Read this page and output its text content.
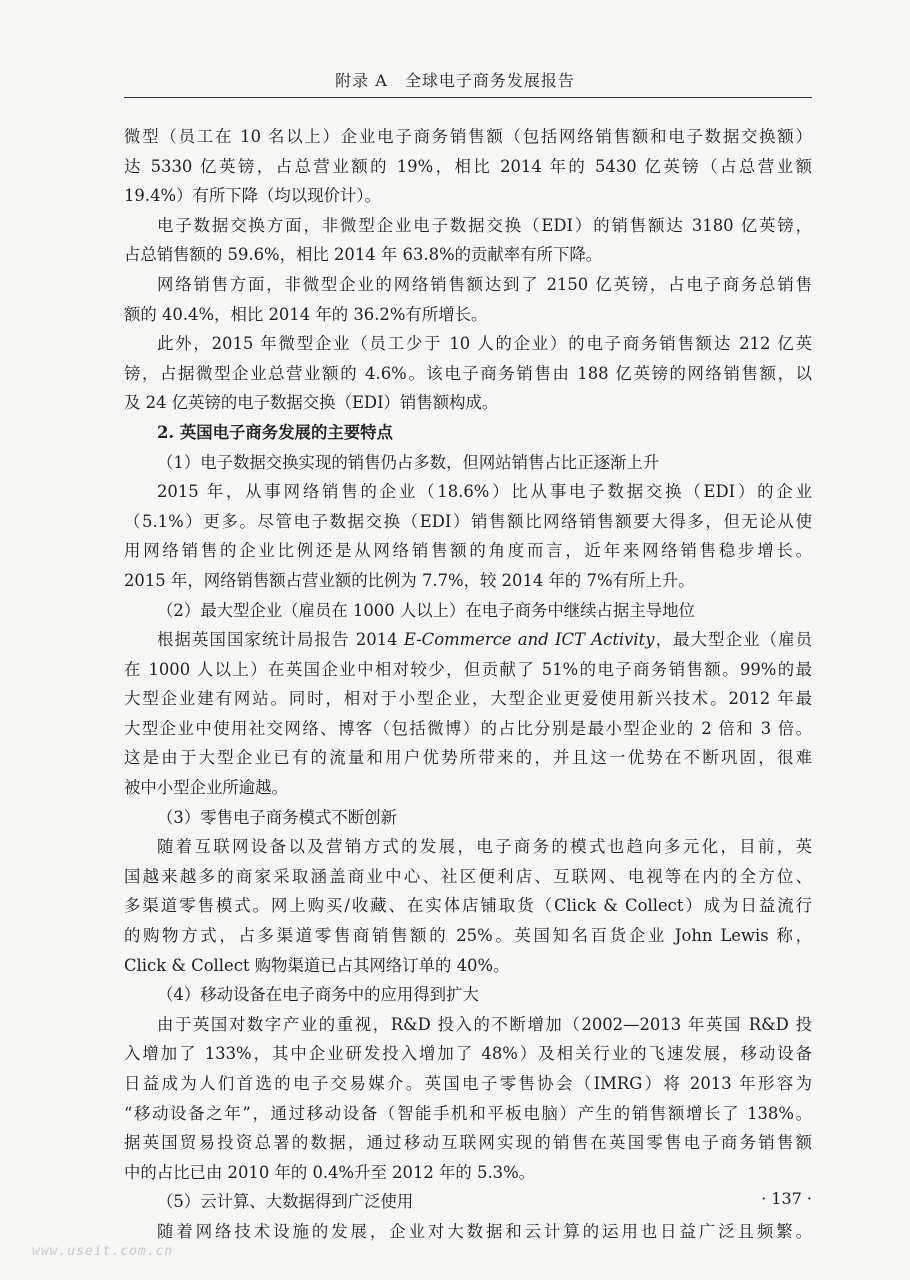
附录 A　全球电子商务发展报告
微型（员工在 10 名以上）企业电子商务销售额（包括网络销售额和电子数据交换额）
达 5330 亿英镑，占总营业额的 19%，相比 2014 年的 5430 亿英镑（占总营业额
19.4%）有所下降（均以现价计）。
电子数据交换方面，非微型企业电子数据交换（EDI）的销售额达 3180 亿英镑，
占总销售额的 59.6%，相比 2014 年 63.8%的贡献率有所下降。
网络销售方面，非微型企业的网络销售额达到了 2150 亿英镑，占电子商务总销售
额的 40.4%，相比 2014 年的 36.2%有所增长。
此外，2015 年微型企业（员工少于 10 人的企业）的电子商务销售额达 212 亿英
镑，占据微型企业总营业额的 4.6%。该电子商务销售由 188 亿英镑的网络销售额，以
及 24 亿英镑的电子数据交换（EDI）销售额构成。
2. 英国电子商务发展的主要特点
（1）电子数据交换实现的销售仍占多数，但网站销售占比正逐渐上升
2015 年，从事网络销售的企业（18.6%）比从事电子数据交换（EDI）的企业
（5.1%）更多。尽管电子数据交换（EDI）销售额比网络销售额要大得多，但无论从使
用网络销售的企业比例还是从网络销售额的角度而言，近年来网络销售稳步增长。
2015 年，网络销售额占营业额的比例为 7.7%，较 2014 年的 7%有所上升。
（2）最大型企业（雇员在 1000 人以上）在电子商务中继续占据主导地位
根据英国国家统计局报告 2014 E-Commerce and ICT Activity，最大型企业（雇员
在 1000 人以上）在英国企业中相对较少，但贡献了 51%的电子商务销售额。99%的最
大型企业建有网站。同时，相对于小型企业，大型企业更爱使用新兴技术。2012 年最
大型企业中使用社交网络、博客（包括微博）的占比分别是最小型企业的 2 倍和 3 倍。
这是由于大型企业已有的流量和用户优势所带来的，并且这一优势在不断巩固，很难
被中小型企业所逾越。
（3）零售电子商务模式不断创新
随着互联网设备以及营销方式的发展，电子商务的模式也趋向多元化，目前，英
国越来越多的商家采取涵盖商业中心、社区便利店、互联网、电视等在内的全方位、
多渠道零售模式。网上购买/收藏、在实体店铺取货（Click & Collect）成为日益流行
的购物方式，占多渠道零售商销售额的 25%。英国知名百货企业 John Lewis 称，
Click & Collect 购物渠道已占其网络订单的 40%。
（4）移动设备在电子商务中的应用得到扩大
由于英国对数字产业的重视，R&D 投入的不断增加（2002—2013 年英国 R&D 投
入增加了 133%，其中企业研发投入增加了 48%）及相关行业的飞速发展，移动设备
日益成为人们首选的电子交易媒介。英国电子零售协会（IMRG）将 2013 年形容为
“移动设备之年”，通过移动设备（智能手机和平板电脑）产生的销售额增长了 138%。
据英国贸易投资总署的数据，通过移动互联网实现的销售在英国零售电子商务销售额
中的占比已由 2010 年的 0.4%升至 2012 年的 5.3%。
（5）云计算、大数据得到广泛使用
随着网络技术设施的发展，企业对大数据和云计算的运用也日益广泛且频繁。
· 137 ·
www.useit.com.cn
